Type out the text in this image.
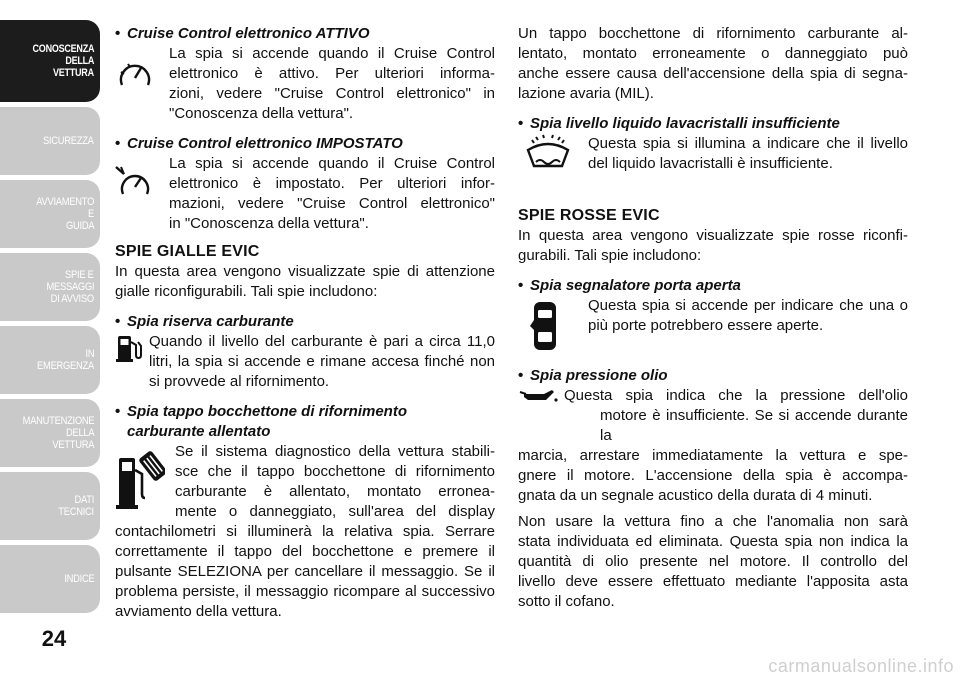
CONOSCENZA
DELLA
VETTURA
SICUREZZA
AVVIAMENTO
E
GUIDA
SPIE E
MESSAGGI
DI AVVISO
IN
EMERGENZA
MANUTENZIONE
DELLA
VETTURA
DATI
TECNICI
INDICE
24
carmanualsonline.info

• Cruise Control elettronico ATTIVO

La spia si accende quando il Cruise Control

elettronico è attivo. Per ulteriori informa-

zioni, vedere "Cruise Control elettronico" in

"Conoscenza della vettura".

• Cruise Control elettronico IMPOSTATO

La spia si accende quando il Cruise Control

elettronico è impostato. Per ulteriori infor-

mazioni, vedere "Cruise Control elettronico"

in "Conoscenza della vettura".

SPIE GIALLE EVIC

In questa area vengono visualizzate spie di attenzione

gialle riconfigurabili. Tali spie includono:

• Spia riserva carburante

Quando il livello del carburante è pari a circa 11,0

litri, la spia si accende e rimane accesa finché non

si provvede al rifornimento.

• Spia tappo bocchettone di rifornimento

carburante allentato

Se il sistema diagnostico della vettura stabili-

sce che il tappo bocchettone di rifornimento

carburante è allentato, montato erronea-

mente o danneggiato, sull'area del display

contachilometri si illuminerà la relativa spia. Serrare

correttamente il tappo del bocchettone e premere il

pulsante SELEZIONA per cancellare il messaggio. Se il

problema persiste, il messaggio ricompare al successivo

avviamento della vettura.

Un tappo bocchettone di rifornimento carburante al-

lentato, montato erroneamente o danneggiato può

anche essere causa dell'accensione della spia di segna-

lazione avaria (MIL).

• Spia livello liquido lavacristalli insufficiente

Questa spia si illumina a indicare che il livello

del liquido lavacristalli è insufficiente.

SPIE ROSSE EVIC

In questa area vengono visualizzate spie rosse riconfi-

gurabili. Tali spie includono:

• Spia segnalatore porta aperta

Questa spia si accende per indicare che una o

più porte potrebbero essere aperte.

• Spia pressione olio

Questa spia indica che la pressione dell'olio

motore è insufficiente. Se si accende durante la

marcia, arrestare immediatamente la vettura e spe-

gnere il motore. L'accensione della spia è accompa-

gnata da un segnale acustico della durata di 4 minuti.

Non usare la vettura fino a che l'anomalia non sarà

stata individuata ed eliminata. Questa spia non indica la

quantità di olio presente nel motore. Il controllo del

livello deve essere effettuato mediante l'apposita asta

sotto il cofano.
